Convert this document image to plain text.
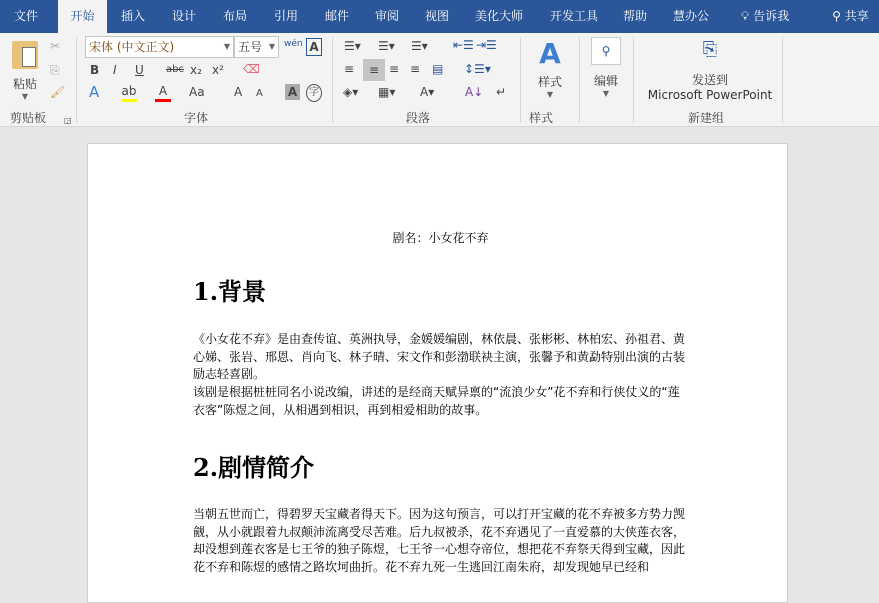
文件	开始	插入	设计	布局	引用	邮件	审阅	视图	美化大师	开发工具	帮助	慧办公	💡︎ 告诉我	⚲ 共享
粘贴
▼
✂
⎘
🖌︎
剪贴板 ◲
宋体 (中文正文)	▼ 五号 ▼ wén A
B I U abc x₂ x² ⌫
A ab	A	Aa A A A	字
字体
☰▾ ☰▾ ☰▾ ⇤☰ ⇥☰
≡	≡ ≡ ≡ ▤ ↕☰▾
◈▾ ▦▾ A▾	A↓ ↵
段落
A
样式
▼
样式
⚲
编辑
▼
⎘
发送到
Microsoft PowerPoint
新建组
剧名：小女花不弃
1.背景
《小女花不弃》是由查传谊、英洲执导，金媛媛编剧，林依晨、张彬彬、林柏宏、孙祖君、黄心娣、张岩、邢恩、肖向飞、林子晴、宋文作和彭渤联袂主演，张馨予和黄勐特别出演的古装励志轻喜剧。
该剧是根据桩桩同名小说改编，讲述的是经商天赋异禀的“流浪少女”花不弃和行侠仗义的“莲衣客”陈煜之间，从相遇到相识，再到相爱相助的故事。
2.剧情简介
当朝五世而亡，得碧罗天宝藏者得天下。因为这句预言，可以打开宝藏的花不弃被多方势力觊觎，从小就跟着九叔颠沛流离受尽苦难。后九叔被杀，花不弃遇见了一直爱慕的大侠莲衣客，却没想到莲衣客是七王爷的独子陈煜，七王爷一心想夺帝位，想把花不弃祭天得到宝藏，因此花不弃和陈煜的感情之路坎坷曲折。花不弃九死一生逃回江南朱府，却发现她早已经和
